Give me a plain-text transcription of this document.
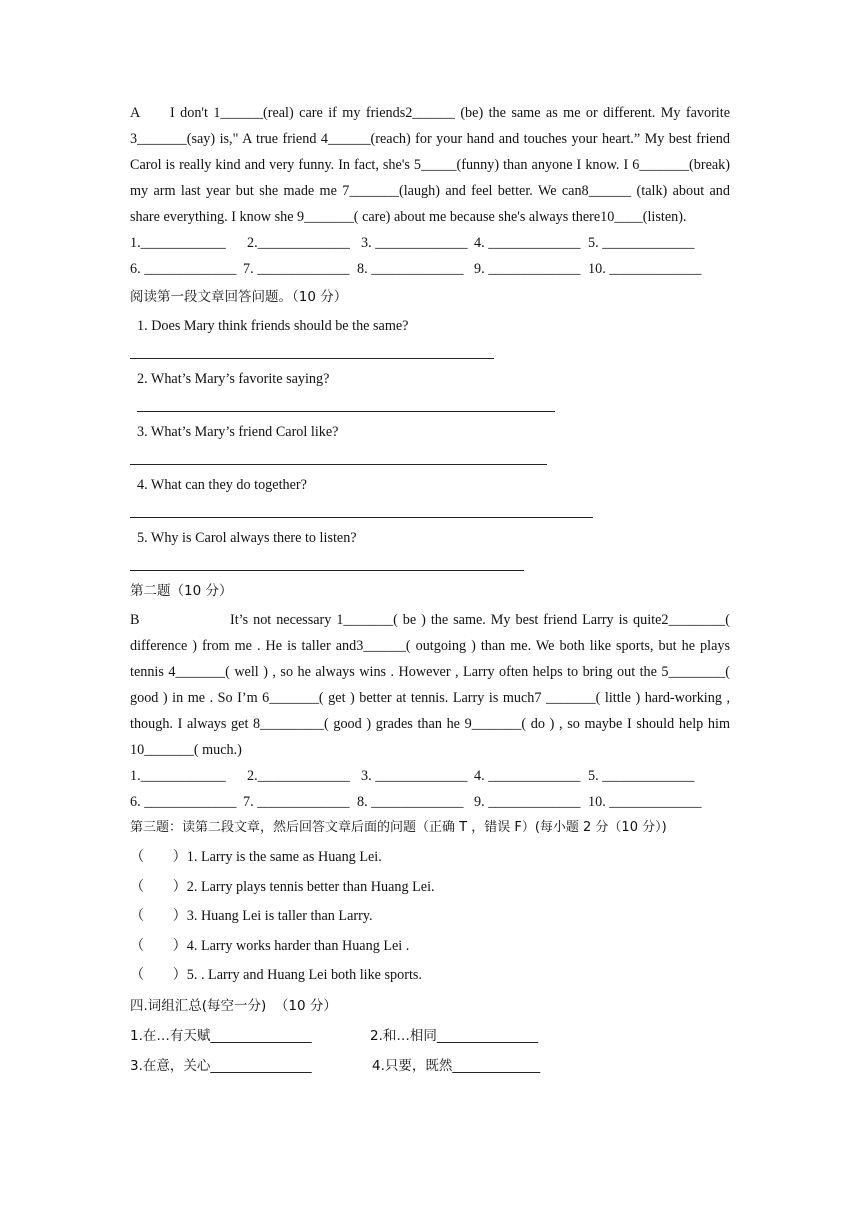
A I don't 1______(real) care if my friends2______ (be) the same as me or different. My favorite 3_______(say) is," A true friend 4______(reach) for your hand and touches your heart.” My best friend Carol is really kind and very funny. In fact, she's 5_____(funny) than anyone I know. I 6_______(break) my arm last year but she made me 7_______(laugh) and feel better. We can8______ (talk) about and share everything. I know she 9_______( care) about me because she's always there10____(listen).

1.____________	2._____________ 3. _____________ 4. _____________ 5. _____________
6. _____________ 7. _____________ 8. _____________ 9. _____________ 10. _____________
阅读第一段文章回答问题。（10 分）
1. Does Mary think friends should be the same?
2. What’s Mary’s favorite saying?
3. What’s Mary’s friend Carol like?
4. What can they do together?
5. Why is Carol always there to listen?
第二题（10 分）

B	It’s not necessary 1_______( be ) the same. My best friend Larry is quite2________( difference ) from me . He is taller and3______( outgoing ) than me. We both like sports, but he plays tennis 4_______( well ) , so he always wins . However , Larry often helps to bring out the 5________( good ) in me . So I’m 6_______( get ) better at tennis. Larry is much7 _______( little ) hard-working , though. I always get 8_________( good ) grades than he 9_______( do ) , so maybe I should help him 10_______( much.)

1.____________	2._____________ 3. _____________ 4. _____________ 5. _____________
6. _____________ 7. _____________ 8. _____________ 9. _____________ 10. _____________
第三题：读第二段文章，然后回答文章后面的问题（正确 T ，错误 F）(每小题 2 分（10 分）)
（        ）1. Larry is the same as Huang Lei.
（        ）2. Larry plays tennis better than Huang Lei.
（        ）3. Huang Lei is taller than Larry.
（        ）4. Larry works harder than Huang Lei .
（        ）5. . Larry and Huang Lei both like sports.
四.词组汇总(每空一分)  （10 分）
1.在…有天赋_______________	2.和…相同_______________
3.在意，关心_______________	4.只要，既然_____________
